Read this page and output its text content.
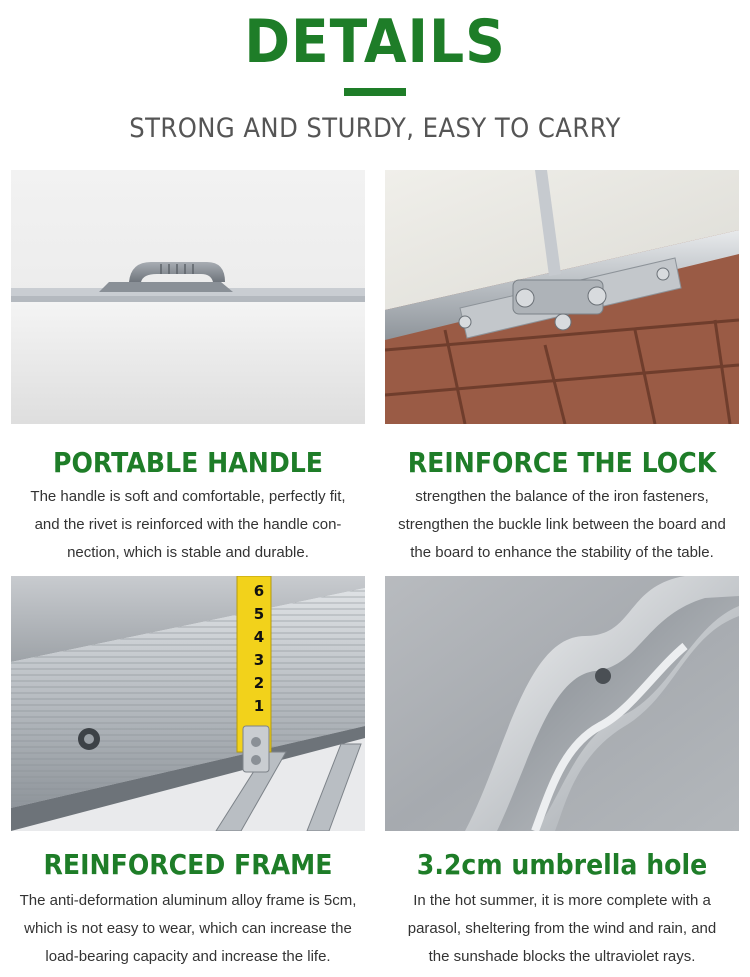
DETAILS
STRONG AND STURDY, EASY TO CARRY
PORTABLE HANDLE
The handle is soft and comfortable, perfectly fit,
and the rivet is reinforced with the handle con-
nection, which is stable and durable.
REINFORCE THE LOCK
strengthen the balance of the iron fasteners,
strengthen the buckle link between the board and
the board to enhance the stability of the table.
6
5
4
3
2
1
REINFORCED FRAME
The anti-deformation aluminum alloy frame is 5cm,
which is not easy to wear, which can increase the
load-bearing capacity and increase the life.
3.2cm umbrella hole
In the hot summer, it is more complete with a
parasol, sheltering from the wind and rain, and
the sunshade blocks the ultraviolet rays.
